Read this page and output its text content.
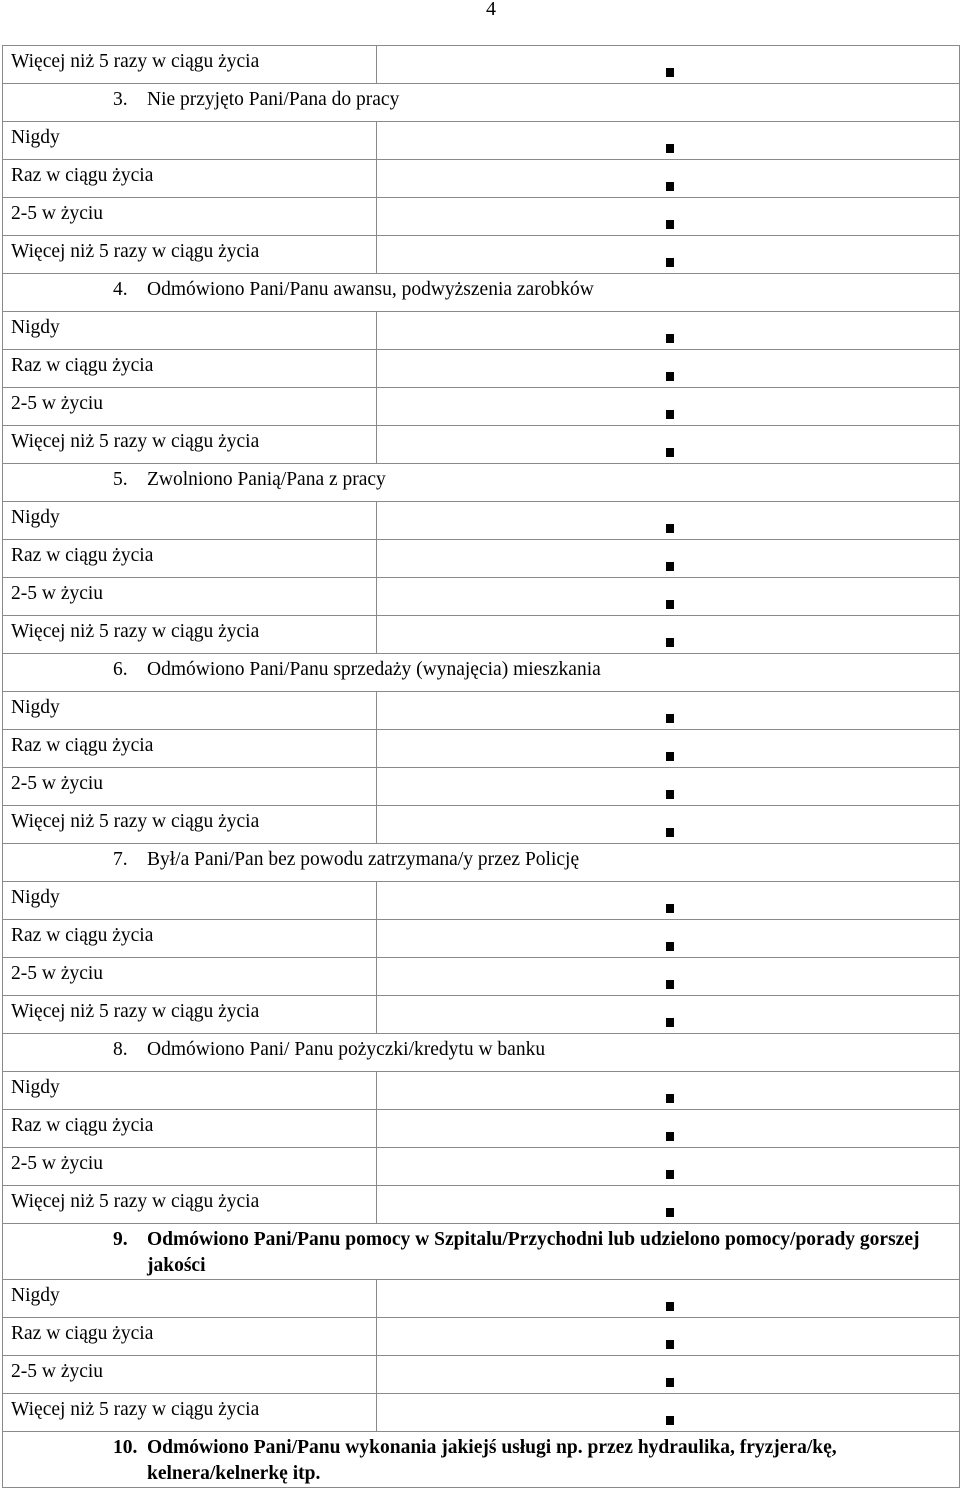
4
Więcej niż 5 razy w ciągu życia	

3. Nie przyjęto Pani/Pana do pracy	

Nigdy	

Raz w ciągu życia	

2-5 w życiu	

Więcej niż 5 razy w ciągu życia	

4. Odmówiono Pani/Panu awansu, podwyższenia zarobków	

Nigdy	

Raz w ciągu życia	

2-5 w życiu	

Więcej niż 5 razy w ciągu życia	

5. Zwolniono Panią/Pana z pracy	

Nigdy	

Raz w ciągu życia	

2-5 w życiu	

Więcej niż 5 razy w ciągu życia	

6. Odmówiono Pani/Panu sprzedaży (wynajęcia) mieszkania	

Nigdy	

Raz w ciągu życia	

2-5 w życiu	

Więcej niż 5 razy w ciągu życia	

7. Był/a Pani/Pan bez powodu zatrzymana/y przez Policję	

Nigdy	

Raz w ciągu życia	

2-5 w życiu	

Więcej niż 5 razy w ciągu życia	

8. Odmówiono Pani/ Panu pożyczki/kredytu w banku	

Nigdy	

Raz w ciągu życia	

2-5 w życiu	

Więcej niż 5 razy w ciągu życia	

9. Odmówiono Pani/Panu pomocy w Szpitalu/Przychodni lub udzielono pomocy/porady gorszej jakości	

Nigdy	

Raz w ciągu życia	

2-5 w życiu	

Więcej niż 5 razy w ciągu życia	

10. Odmówiono Pani/Panu wykonania jakiejś usługi np. przez hydraulika, fryzjera/kę, kelnera/kelnerkę itp.	
